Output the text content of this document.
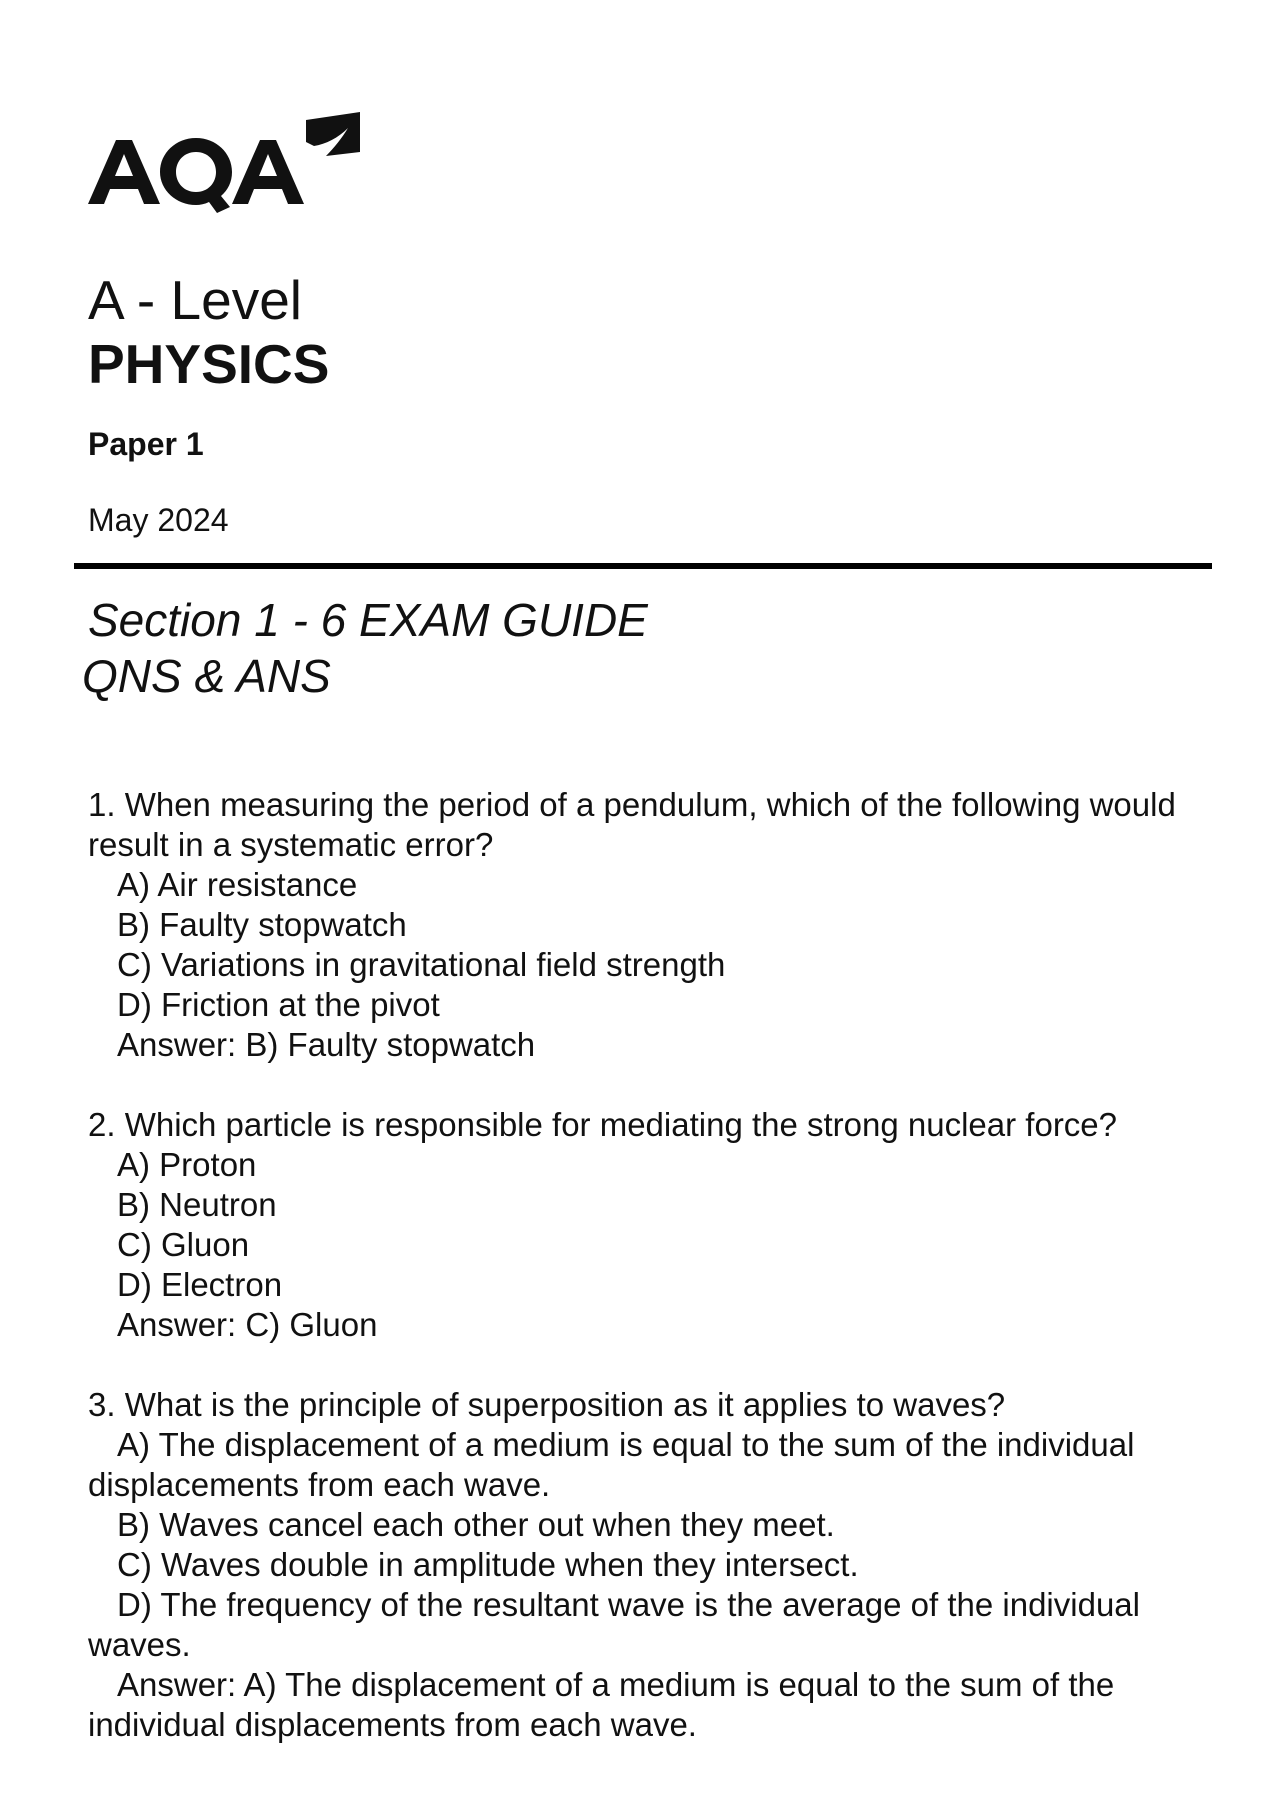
A - Level
PHYSICS
Paper 1
May 2024
Section 1 - 6 EXAM GUIDE
QNS & ANS
1. When measuring the period of a pendulum, which of the following would result in a systematic error?
A) Air resistance
B) Faulty stopwatch
C) Variations in gravitational field strength
D) Friction at the pivot
Answer: B) Faulty stopwatch
2. Which particle is responsible for mediating the strong nuclear force?
A) Proton
B) Neutron
C) Gluon
D) Electron
Answer: C) Gluon
3. What is the principle of superposition as it applies to waves?
A) The displacement of a medium is equal to the sum of the individual displacements from each wave.
B) Waves cancel each other out when they meet.
C) Waves double in amplitude when they intersect.
D) The frequency of the resultant wave is the average of the individual waves.
Answer: A) The displacement of a medium is equal to the sum of the individual displacements from each wave.
